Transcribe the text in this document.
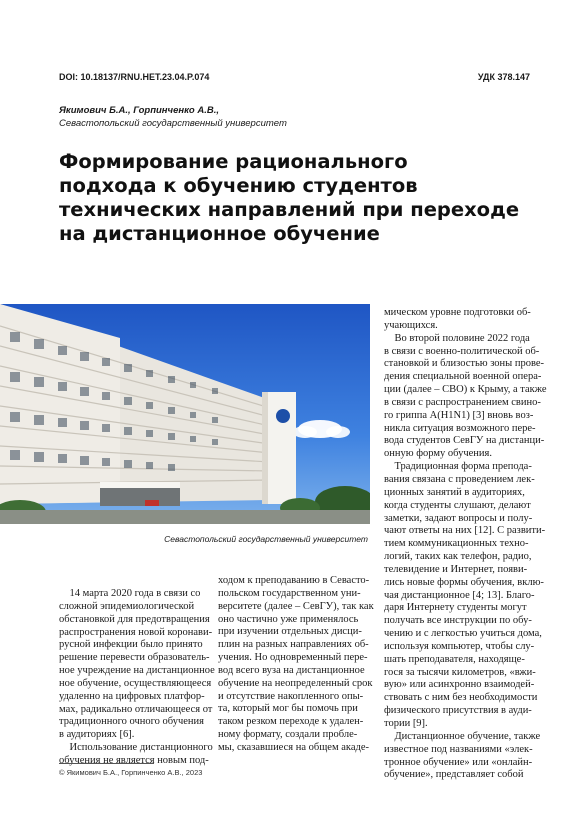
DOI: 10.18137/RNU.HET.23.04.P.074	УДК 378.147
Якимович Б.А., Горпинченко А.В.,
Севастопольский государственный университет
Формирование рационального
подхода к обучению студентов
технических направлений при переходе
на дистанционное обучение
Севастопольский государственный университет
14 марта 2020 года в связи со
сложной эпидемиологической
обстановкой для предотвращения
распространения новой коронави-
русной инфекции было принято
решение перевести образователь-
ное учреждение на дистанционное
ное обучение, осуществляющееся
удаленно на цифровых платфор-
мах, радикально отличающееся от
традиционного очного обучения
в аудиториях [6].
Использование дистанционного
обучения не является новым под-
ходом к преподаванию в Севасто-
польском государственном уни-
верситете (далее – СевГУ), так как
оно частично уже применялось
при изучении отдельных дисци-
плин на разных направлениях об-
учения. Но одновременный пере-
вод всего вуза на дистанционное
обучение на неопределенный срок
и отсутствие накопленного опы-
та, который мог бы помочь при
таком резком переходе к удален-
ному формату, создали пробле-
мы, сказавшиеся на общем акаде-
мическом уровне подготовки об-
учающихся.
Во второй половине 2022 года
в связи с военно-политической об-
становкой и близостью зоны прове-
дения специальной военной опера-
ции (далее – СВО) к Крыму, а также
в связи с распространением свино-
го гриппа A(H1N1) [3] вновь воз-
никла ситуация возможного пере-
вода студентов СевГУ на дистанци-
онную форму обучения.
Традиционная форма препода-
вания связана с проведением лек-
ционных занятий в аудиториях,
когда студенты слушают, делают
заметки, задают вопросы и полу-
чают ответы на них [12]. С развити-
тием коммуникационных техно-
логий, таких как телефон, радио,
телевидение и Интернет, появи-
лись новые формы обучения, вклю-
чая дистанционное [4; 13]. Благо-
даря Интернету студенты могут
получать все инструкции по обу-
чению и с легкостью учиться дома,
используя компьютер, чтобы слу-
шать преподавателя, находяще-
гося за тысячи километров, «вжи-
вую» или асинхронно взаимодей-
ствовать с ним без необходимости
физического присутствия в ауди-
тории [9].
Дистанционное обучение, также
известное под названиями «элек-
тронное обучение» или «онлайн-
обучение», представляет собой
© Якимович Б.А., Горпинченко А.В., 2023
